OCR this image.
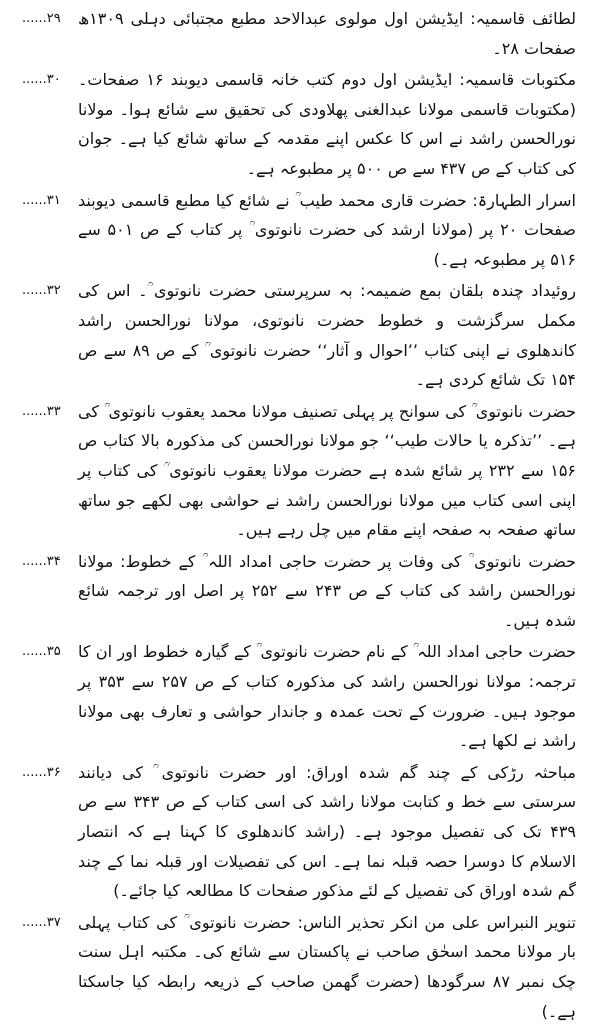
لطائف قاسمیہ: ایڈیشن اول مولوی عبدالاحد مطبع مجتبائی دہلی ۱۳۰۹ھ صفحات ۲۸۔
......۲۹
مکتوبات قاسمیہ: ایڈیشن اول دوم کتب خانہ قاسمی دیوبند ۱۶ صفحات۔ (مکتوبات قاسمی مولانا عبدالغنی پھلاودی کی تحقیق سے شائع ہوا۔ مولانا نورالحسن راشد نے اس کا عکس اپنے مقدمہ کے ساتھ شائع کیا ہے۔ جوان کی کتاب کے ص ۴۳۷ سے ص ۵۰۰ پر مطبوعہ ہے۔
......۳۰
اسرار الطہارۃ: حضرت قاری محمد طیب ؒ نے شائع کیا مطبع قاسمی دیوبند صفحات ۲۰ پر (مولانا ارشد کی حضرت نانوتوی ؒ پر کتاب کے ص ۵۰۱ سے ۵۱۶ پر مطبوعہ ہے۔)
......۳۱
روئیداد چندہ بلقان بمع ضمیمہ: بہ سرپرستی حضرت نانوتوی ؒ۔ اس کی مکمل سرگزشت و خطوط حضرت نانوتوی، مولانا نورالحسن راشد کاندھلوی نے اپنی کتاب ’’احوال و آثار‘‘ حضرت نانوتوی ؒ کے ص ۸۹ سے ص ۱۵۴ تک شائع کردی ہے۔
......۳۲
حضرت نانوتوی ؒ کی سوانح پر پہلی تصنیف مولانا محمد یعقوب نانوتوی ؒ کی ہے۔ ’’تذکرہ یا حالات طیب‘‘ جو مولانا نورالحسن کی مذکورہ بالا کتاب ص ۱۵۶ سے ۲۳۲ پر شائع شدہ ہے حضرت مولانا یعقوب نانوتوی ؒ کی کتاب پر اپنی اسی کتاب میں مولانا نورالحسن راشد نے حواشی بھی لکھے جو ساتھ ساتھ صفحہ بہ صفحہ اپنے مقام میں چل رہے ہیں۔
......۳۳
حضرت نانوتوی ؒ کی وفات پر حضرت حاجی امداد اللہ ؒ کے خطوط: مولانا نورالحسن راشد کی کتاب کے ص ۲۴۳ سے ۲۵۲ پر اصل اور ترجمہ شائع شدہ ہیں۔
......۳۴
حضرت حاجی امداد اللہ ؒ کے نام حضرت نانوتوی ؒ کے گیارہ خطوط اور ان کا ترجمہ: مولانا نورالحسن راشد کی مذکورہ کتاب کے ص ۲۵۷ سے ۳۵۳ پر موجود ہیں۔ ضرورت کے تحت عمدہ و جاندار حواشی و تعارف بھی مولانا راشد نے لکھا ہے۔
......۳۵
مباحثہ رڑکی کے چند گم شدہ اوراق: اور حضرت نانوتوی ؒ کی دیانند سرستی سے خط و کتابت مولانا راشد کی اسی کتاب کے ص ۳۴۳ سے ص ۴۳۹ تک کی تفصیل موجود ہے۔ (راشد کاندھلوی کا کہنا ہے کہ انتصار الاسلام کا دوسرا حصہ قبلہ نما ہے۔ اس کی تفصیلات اور قبلہ نما کے چند گم شدہ اوراق کی تفصیل کے لئے مذکور صفحات کا مطالعہ کیا جائے۔)
......۳۶
تنویر النبراس علی من انکر تحذیر الناس: حضرت نانوتوی ؒ کی کتاب پہلی بار مولانا محمد اسحٰق صاحب نے پاکستان سے شائع کی۔ مکتبہ اہل سنت چک نمبر ۸۷ سرگودھا (حضرت گھمن صاحب کے ذریعہ رابطہ کیا جاسکتا ہے۔)
......۳۷
